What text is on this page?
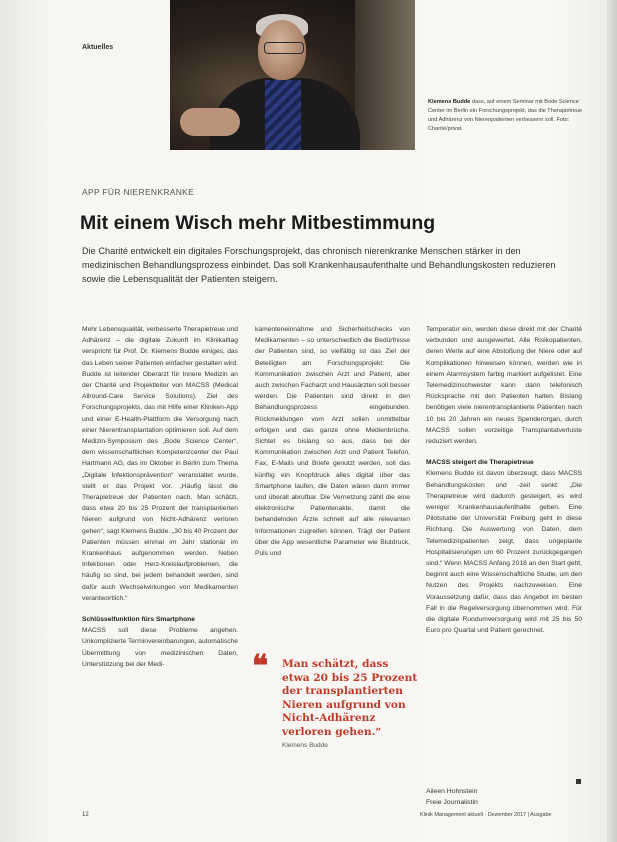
Aktuelles
Klemens Budde dass, auf einem Seminar mit Bode Science Center im Berlin ein Forschungsprojekt, das die Therapietreue und Adhärenz von Nierenpatienten verbessern soll. Foto: Charité/privat
APP FÜR NIERENKRANKE
Mit einem Wisch mehr Mitbestimmung
Die Charité entwickelt ein digitales Forschungsprojekt, das chronisch nierenkranke Menschen stärker in den medizinischen Behandlungsprozess einbindet. Das soll Krankenhausaufenthalte und Behandlungskosten reduzieren sowie die Lebensqualität der Patienten steigern.

Mehr Lebensqualität, verbesserte Therapietreue und Adhärenz – die digitale Zukunft im Klinikalltag verspricht für Prof. Dr. Klemens Budde einiges, das das Leben seiner Patienten einfacher gestalten wird. Budde ist leitender Oberarzt für Innere Medizin an der Charité und Projektleiter von MACSS (Medical Allround-Care Service Solutions). Ziel des Forschungsprojekts, das mit Hilfe einer Kliniken-App und einer E-Health-Plattform die Versorgung nach einer Nierentransplantation optimieren soll. Auf dem Medizin-Symposium des „Bode Science Center“, dem wissenschaftlichen Kompetenzcenter der Paul Hartmann AG, das im Oktober in Berlin zum Thema „Digitale Infektionsprävention“ veranstaltet wurde, stellt er das Projekt vor. „Häufig lässt die Therapietreue der Patienten nach. Man schätzt, dass etwa 20 bis 25 Prozent der transplantierten Nieren aufgrund von Nicht-Adhärenz verloren gehen“, sagt Klemens Budde. „30 bis 40 Prozent der Patienten müssen einmal im Jahr stationär im Krankenhaus aufgenommen werden. Neben Infektionen oder Herz-Kreislaufproblemen, die häufig so sind, bei jedem behandelt werden, sind dafür auch Wechselwirkungen von Medikamenten verantwortlich.“

Schlüsselfunktion fürs Smartphone

MACSS soll diese Probleme angehen. Unkomplizierte Terminvereinbarungen, automatische Übermittlung von medizinischen Daten, Unterstützung bei der Medi-

kamenteneinnahme und Sicherheitschecks von Medikamenten – so unterschiedlich die Bedürfnisse der Patienten sind, so vielfältig ist das Ziel der Beteiligten am Forschungsprojekt: Die Kommunikation zwischen Arzt und Patient, aber auch zwischen Facharzt und Hausärzten soll besser werden. Die Patienten sind direkt in den Behandlungsprozess eingebunden. Rückmeldungen vom Arzt sollen unmittelbar erfolgen und das ganze ohne Medienbrüche. Sichtet es bislang so aus, dass bei der Kommunikation zwischen Arzt und Patient Telefon, Fax, E-Mails und Briefe genutzt werden, soll das künftig ein Knopfdruck alles digital über das Smartphone laufen, die Daten wären dann immer und überall abrufbar. Die Vernetzung zählt die eine elektronische Patientenakte, damit die behandelnden Ärzte schnell auf alle relevanten Informationen zugreifen können. Trägt der Patient über die App wesentliche Parameter wie Blutdruck, Puls und

❝ Man schätzt, dass etwa 20 bis 25 Prozent der transplantierten Nieren aufgrund von Nicht-Adhärenz verloren gehen.“
Klemens Budde

Temperatur ein, werden diese direkt mit der Charité verbunden und ausgewertet. Alle Risikopatienten, deren Werte auf eine Abstoßung der Niere oder auf Komplikationen hinweisen können, werden wie in einem Alarmsystem farbig markiert aufgelistet. Eine Telemedizinschwester kann dann telefonisch Rücksprache mit den Patienten halten. Bislang benötigen viele nierentransplantierte Patienten nach 10 bis 20 Jahren ein neues Spenderorgan, durch MACSS sollen vorzeitige Transplantatverluste reduziert werden.

MACSS steigert die Therapietreue

Klemens Budde ist davon überzeugt, dass MACSS Behandlungskosten und -zeit senkt: „Die Therapietreue wird dadurch gesteigert, es wird weniger Krankenhausaufenthalte geben. Eine Pilotstudie der Universität Freiburg geht in diese Richtung. Die Auswertung von Daten, dem Telemedizinpatienten zeigt, dass ungeplante Hospitalisierungen um 60 Prozent zurückgegangen sind.“ Wenn MACSS Anfang 2018 an den Start geht, beginnt auch eine Wissenschaftliche Studie, um den Nutzen des Projekts nachzuweisen. Eine Voraussetzung dafür, dass das Angebot im besten Fall in die Regelversorgung übernommen wird. Für die digitale Rundumversorgung wird mit 25 bis 50 Euro pro Quartal und Patient gerechnet.

Aileen Hohnstein
Freie Journalistin
12	Klinik Management aktuell · Dezember 2017 | Ausgabe
